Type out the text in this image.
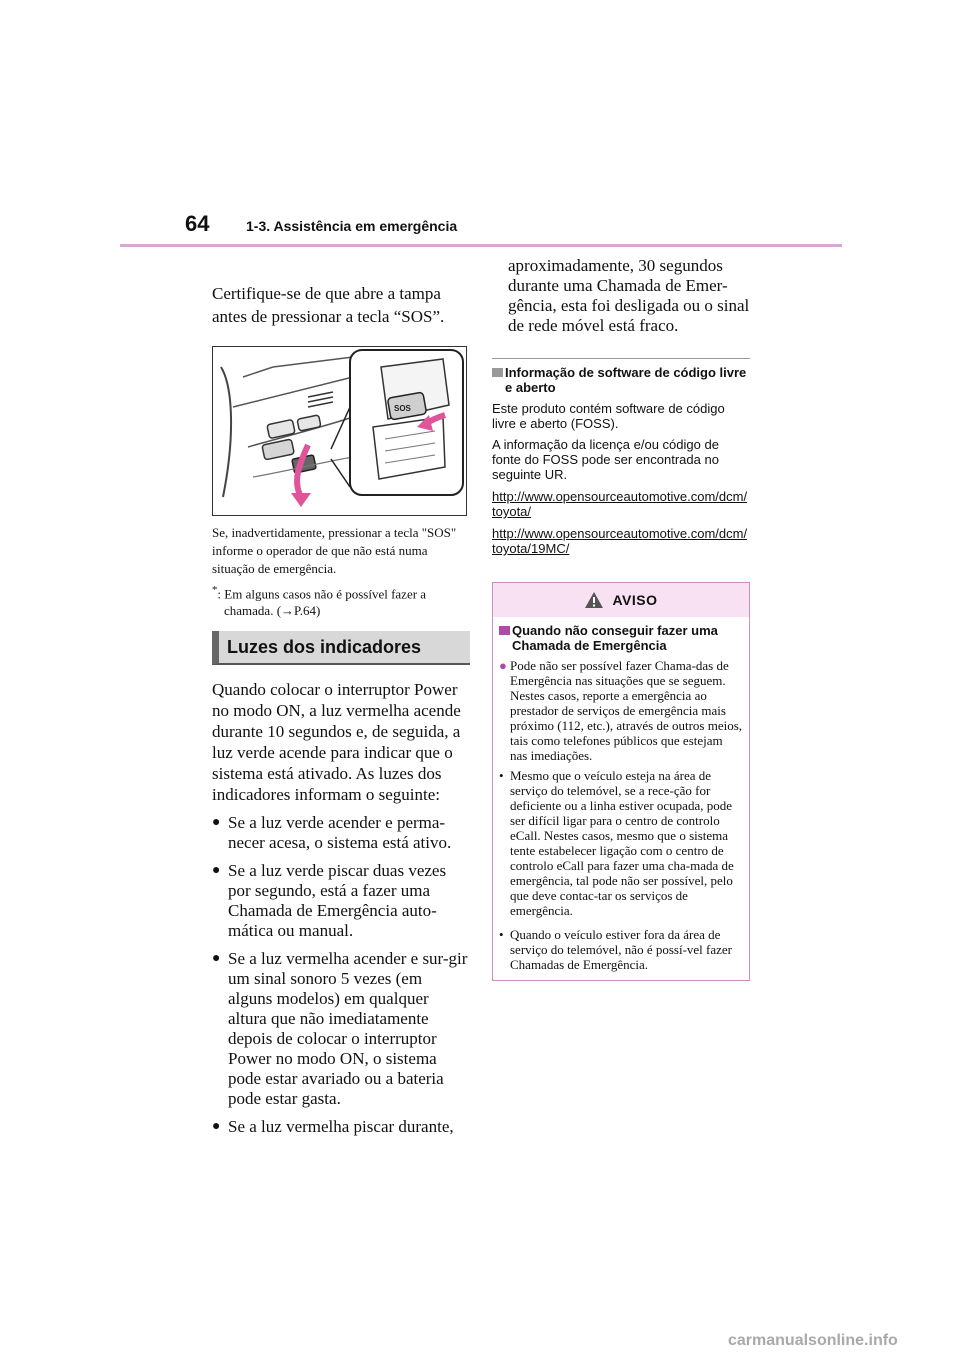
64	1-3. Assistência em emergência

Certifique-se de que abre a tampa antes de pressionar a tecla “SOS”.

SOS
Se, inadvertidamente, pressionar a tecla "SOS" informe o operador de que não está numa situação de emergência.
*: Em alguns casos não é possível fazer a chamada. (→P.64)
Luzes dos indicadores
Quando colocar o interruptor Power no modo ON, a luz vermelha acende durante 10 segundos e, de seguida, a luz verde acende para indicar que o sistema está ativado. As luzes dos indicadores informam o seguinte:
● Se a luz verde acender e perma-necer acesa, o sistema está ativo.
● Se a luz verde piscar duas vezes por segundo, está a fazer uma Chamada de Emergência auto-mática ou manual.
● Se a luz vermelha acender e sur-gir um sinal sonoro 5 vezes (em alguns modelos) em qualquer altura que não imediatamente depois de colocar o interruptor Power no modo ON, o sistema pode estar avariado ou a bateria pode estar gasta.
● Se a luz vermelha piscar durante,

aproximadamente, 30 segundos durante uma Chamada de Emer-gência, esta foi desligada ou o sinal de rede móvel está fraco.

Informação de software de código livre e aberto
Este produto contém software de código livre e aberto (FOSS).
A informação da licença e/ou código de fonte do FOSS pode ser encontrada no seguinte UR.
http://www.opensourceautomotive.com/dcm/toyota/
http://www.opensourceautomotive.com/dcm/toyota/19MC/
AVISO
Quando não conseguir fazer uma Chamada de Emergência
● Pode não ser possível fazer Chama-das de Emergência nas situações que se seguem. Nestes casos, reporte a emergência ao prestador de serviços de emergência mais próximo (112, etc.), através de outros meios, tais como telefones públicos que estejam nas imediações.
• Mesmo que o veículo esteja na área de serviço do telemóvel, se a rece-ção for deficiente ou a linha estiver ocupada, pode ser difícil ligar para o centro de controlo eCall. Nestes casos, mesmo que o sistema tente estabelecer ligação com o centro de controlo eCall para fazer uma cha-mada de emergência, tal pode não ser possível, pelo que deve contac-tar os serviços de emergência.
• Quando o veículo estiver fora da área de serviço do telemóvel, não é possí-vel fazer Chamadas de Emergência.
carmanualsonline.info
